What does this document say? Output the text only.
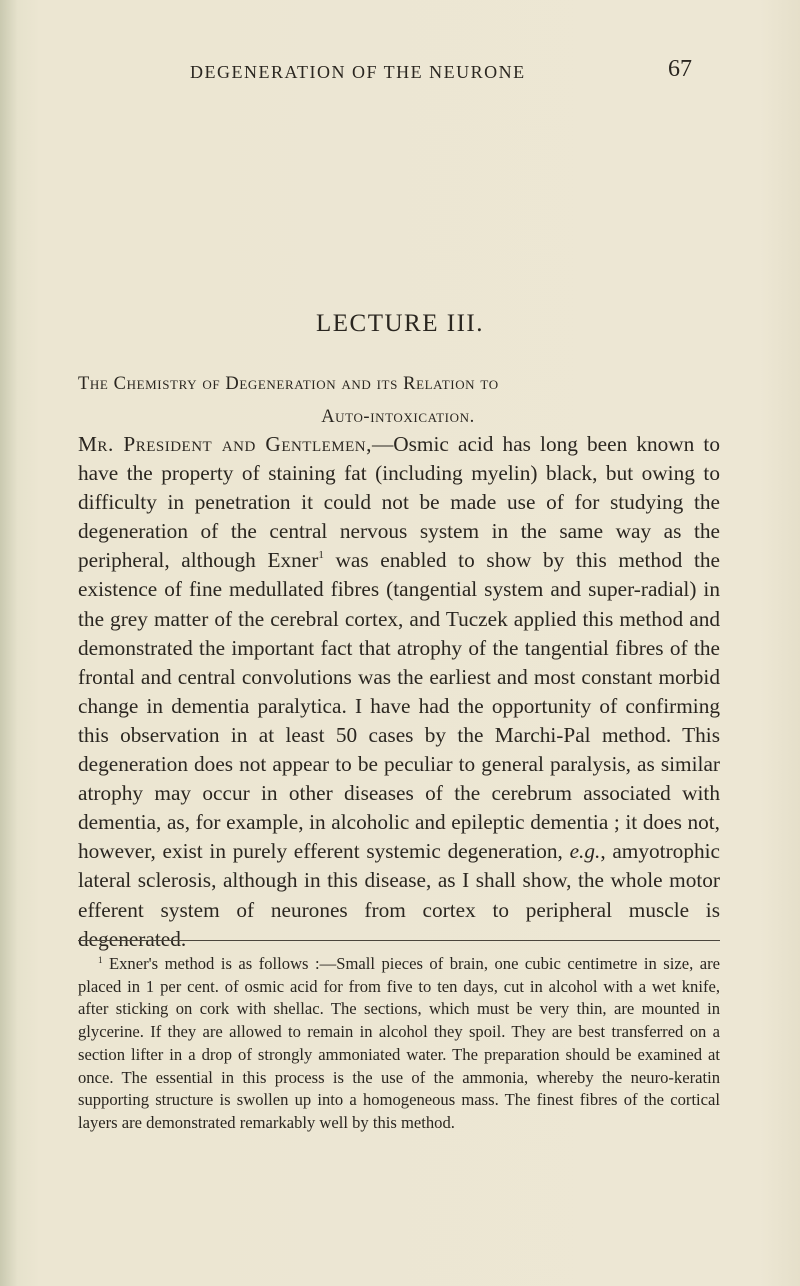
DEGENERATION OF THE NEURONE	67
LECTURE III.
The Chemistry of Degeneration and its Relation to
Auto-intoxication.

Mr. President and Gentlemen,—Osmic acid has long been known to have the property of staining fat (including myelin) black, but owing to difficulty in penetration it could not be made use of for studying the degeneration of the central nervous system in the same way as the peripheral, although Exner$^1$ was enabled to show by this method the existence of fine medullated fibres (tangential system and super-radial) in the grey matter of the cerebral cortex, and Tuczek applied this method and demonstrated the important fact that atrophy of the tangential fibres of the frontal and central convolutions was the earliest and most constant morbid change in dementia paralytica. I have had the opportunity of confirming this observation in at least 50 cases by the Marchi-Pal method. This degeneration does not appear to be peculiar to general paralysis, as similar atrophy may occur in other diseases of the cerebrum associated with dementia, as, for example, in alcoholic and epileptic dementia ; it does not, however, exist in purely efferent systemic degeneration, e.g., amyotrophic lateral sclerosis, although in this disease, as I shall show, the whole motor efferent system of neurones from cortex to peripheral muscle is degenerated.

$^1$ Exner's method is as follows :—Small pieces of brain, one cubic centimetre in size, are placed in 1 per cent. of osmic acid for from five to ten days, cut in alcohol with a wet knife, after sticking on cork with shellac. The sections, which must be very thin, are mounted in glycerine. If they are allowed to remain in alcohol they spoil. They are best transferred on a section lifter in a drop of strongly ammoniated water. The preparation should be examined at once. The essential in this process is the use of the ammonia, whereby the neuro-keratin supporting structure is swollen up into a homogeneous mass. The finest fibres of the cortical layers are demonstrated remarkably well by this method.
